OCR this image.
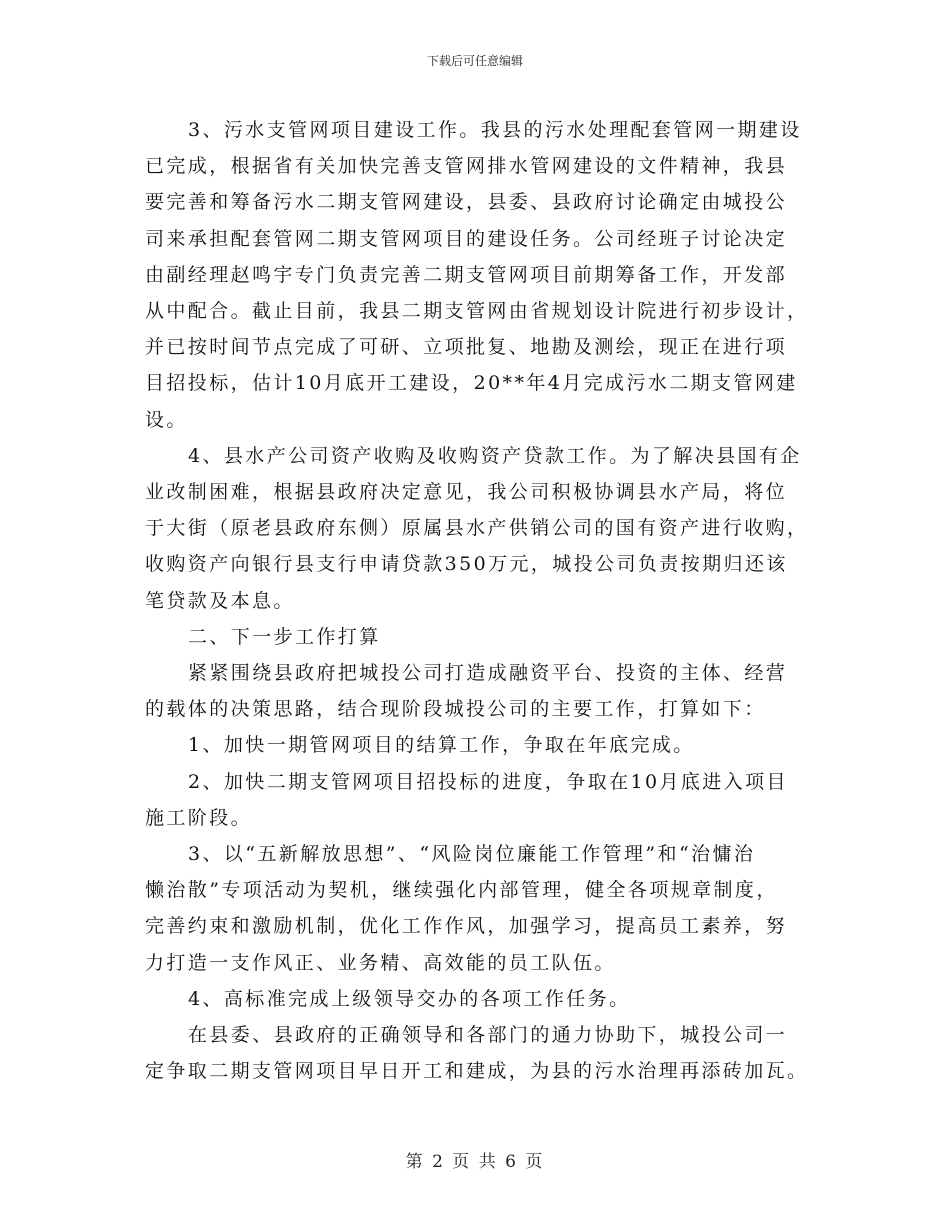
下载后可任意编辑

3、污水支管网项目建设工作。我县的污水处理配套管网一期建设
已完成，根据省有关加快完善支管网排水管网建设的文件精神，我县
要完善和筹备污水二期支管网建设，县委、县政府讨论确定由城投公
司来承担配套管网二期支管网项目的建设任务。公司经班子讨论决定
由副经理赵鸣宇专门负责完善二期支管网项目前期筹备工作，开发部
从中配合。截止目前，我县二期支管网由省规划设计院进行初步设计，
并已按时间节点完成了可研、立项批复、地勘及测绘，现正在进行项
目招投标，估计10月底开工建设，20**年4月完成污水二期支管网建
设。

4、县水产公司资产收购及收购资产贷款工作。为了解决县国有企
业改制困难，根据县政府决定意见，我公司积极协调县水产局，将位
于大街（原老县政府东侧）原属县水产供销公司的国有资产进行收购，
收购资产向银行县支行申请贷款350万元，城投公司负责按期归还该
笔贷款及本息。

二、下一步工作打算

紧紧围绕县政府把城投公司打造成融资平台、投资的主体、经营
的载体的决策思路，结合现阶段城投公司的主要工作，打算如下：

1、加快一期管网项目的结算工作，争取在年底完成。

2、加快二期支管网项目招投标的进度，争取在10月底进入项目
施工阶段。

3、以“五新解放思想”、“风险岗位廉能工作管理”和“治慵治
懒治散”专项活动为契机，继续强化内部管理，健全各项规章制度，
完善约束和激励机制，优化工作作风，加强学习，提高员工素养，努
力打造一支作风正、业务精、高效能的员工队伍。

4、高标准完成上级领导交办的各项工作任务。

在县委、县政府的正确领导和各部门的通力协助下，城投公司一
定争取二期支管网项目早日开工和建成，为县的污水治理再添砖加瓦。

第 2 页 共 6 页
